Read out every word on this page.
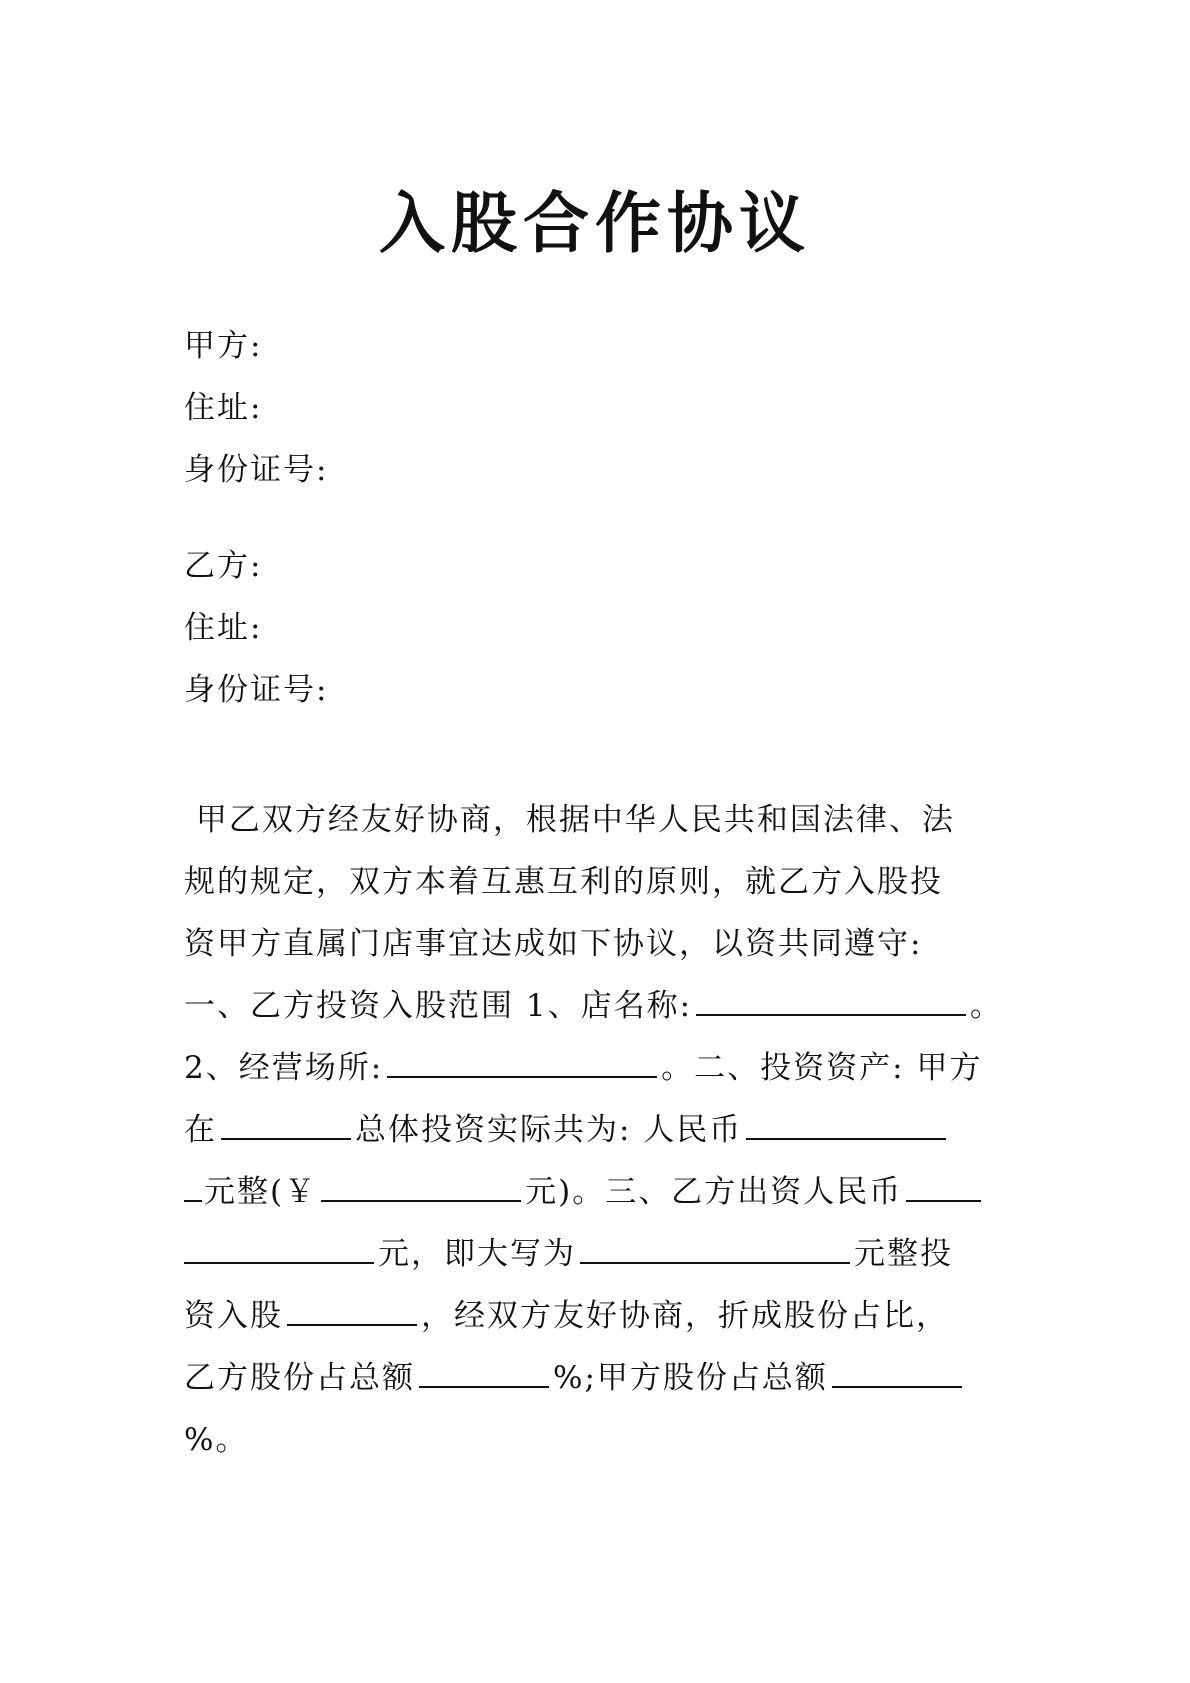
入股合作协议
甲方:
住址:
身份证号:
乙方:
住址:
身份证号:
甲乙双方经友好协商，根据中华人民共和国法律、法
规的规定，双方本着互惠互利的原则，就乙方入股投
资甲方直属门店事宜达成如下协议，以资共同遵守:
一、乙方投资入股范围 1、店名称:	。
2、经营场所:	。二、投资资产: 甲方
在	总体投资实际共为: 人民币
元整(￥	元)。三、乙方出资人民币
元，即大写为	元整投
资入股	，经双方友好协商，折成股份占比，
乙方股份占总额	%;甲方股份占总额
%。
